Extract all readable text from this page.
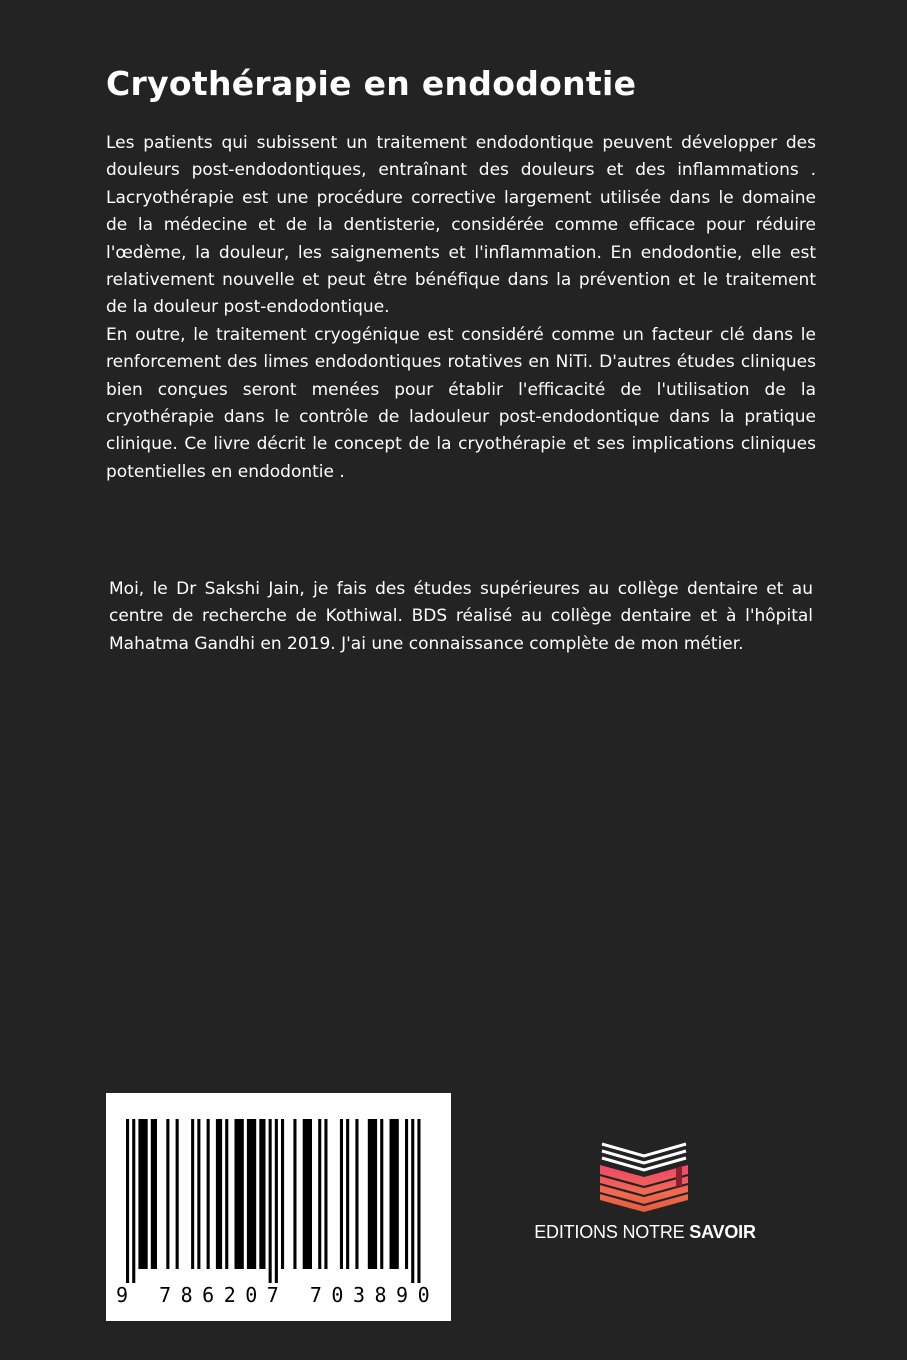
Cryothérapie en endodontie

Les patients qui subissent un traitement endodontique peuvent développer des douleurs post-endodontiques, entraînant des douleurs et des inflammations . Lacryothérapie est une procédure corrective largement utilisée dans le domaine de la médecine et de la dentisterie, considérée comme efficace pour réduire l'œdème, la douleur, les saignements et l'inflammation. En endodontie, elle est relativement nouvelle et peut être bénéfique dans la prévention et le traitement de la douleur post-endodontique.

En outre, le traitement cryogénique est considéré comme un facteur clé dans le renforcement des limes endodontiques rotatives en NiTi. D'autres études cliniques bien conçues seront menées pour établir l'efficacité de l'utilisation de la cryothérapie dans le contrôle de ladouleur post-endodontique dans la pratique clinique. Ce livre décrit le concept de la cryothérapie et ses implications cliniques potentielles en endodontie .

Moi, le Dr Sakshi Jain, je fais des études supérieures au collège dentaire et au centre de recherche de Kothiwal. BDS réalisé au collège dentaire et à l'hôpital Mahatma Gandhi en 2019. J'ai une connaissance complète de mon métier.

9 786207 703890
EDITIONS NOTRE SAVOIR
